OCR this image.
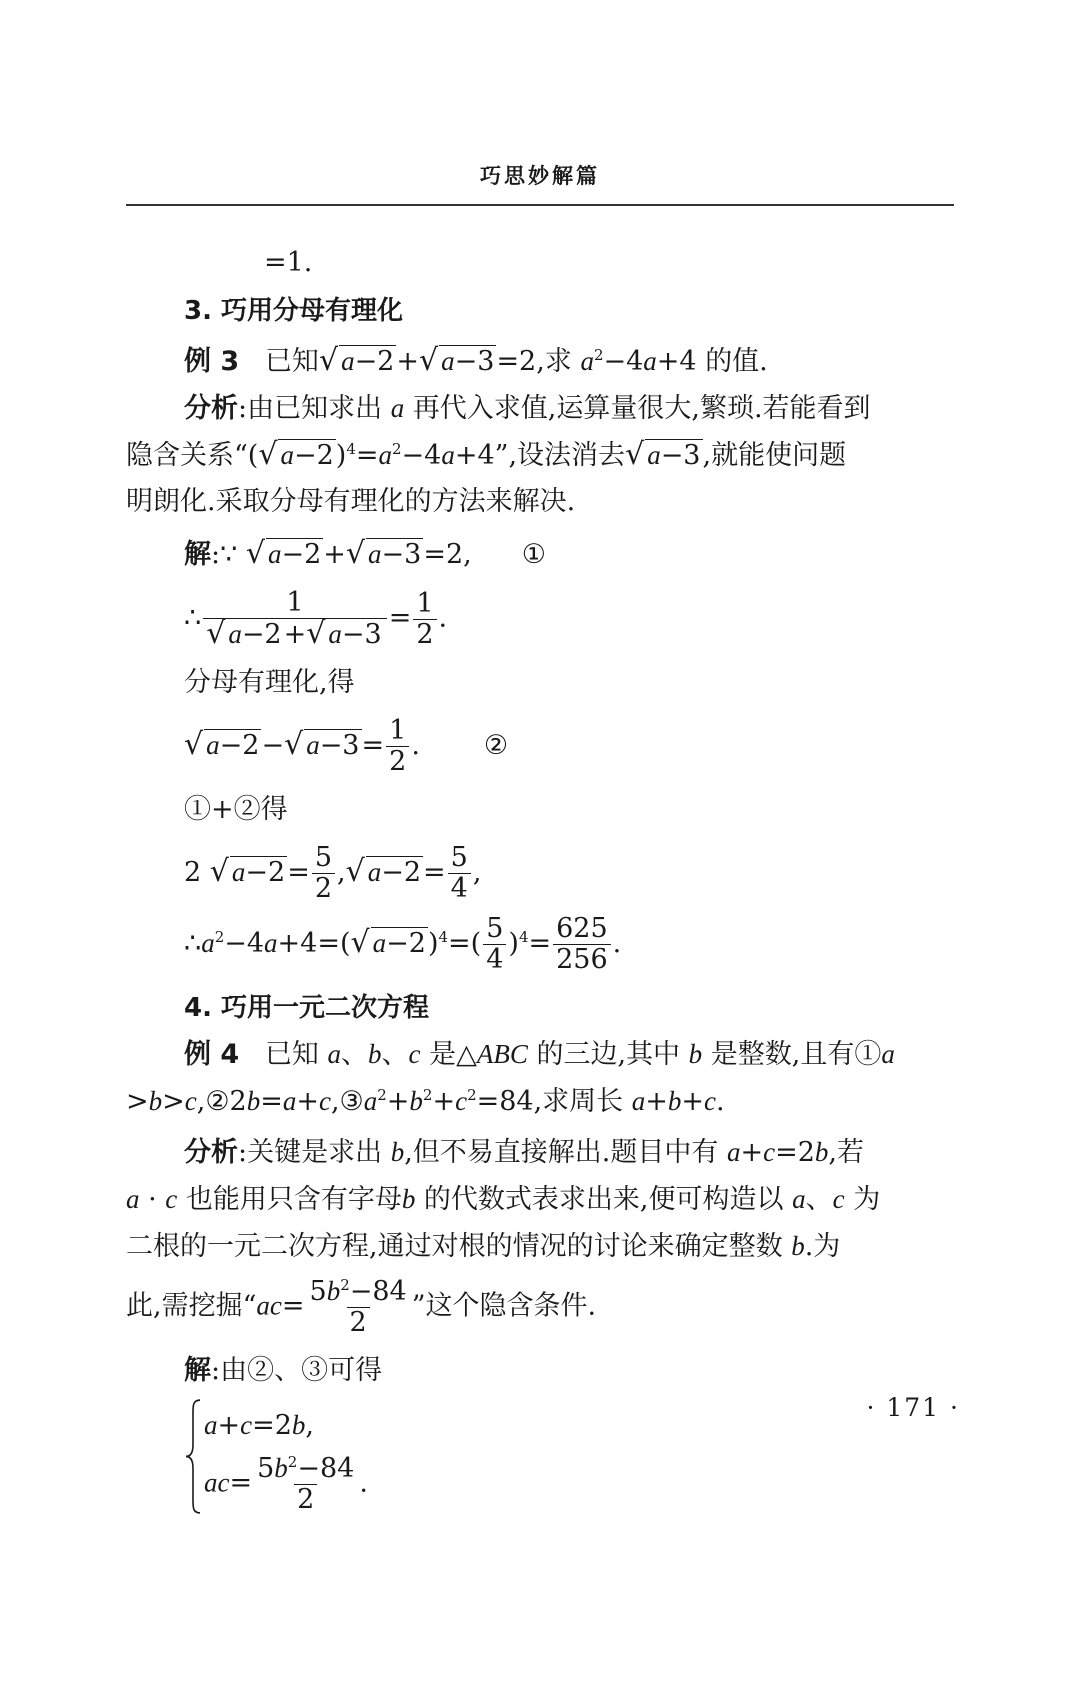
巧思妙解篇
=1.
3. 巧用分母有理化
例 3 已知√ a−2+√ a−3=2,求 $a^2-4a+4$ 的值.
分析:由已知求出 a 再代入求值,运算量很大,繁琐.若能看到
隐含关系“(√ $a-2)^4=a^2-4a+4$”,设法消去√ a−3,就能使问题
明朗化.采取分母有理化的方法来解决.
解:∵ √ a−2+√ a−3=2, ①
∴ $\frac{1}{√ a-2+√ a-3} = \frac{1}{2}$ .
分母有理化,得
√ a−2−√ $a-3= \frac{1}{2}$ . ②
①+②得
2 √ $a-2= \frac{5}{2}$ ,√ $a-2= \frac{5}{4}$ ,
$\therefore a^2-4a+4=(√$ $a-2)^4=( \frac{5}{4} )^4= \frac{625}{256}$ .
4. 巧用一元二次方程
例 4 已知 a、b、c 是△ABC 的三边,其中 b 是整数,且有①a
$>b>c,②2b=a+c,③a^2+b^2+c^2=84$,求周长 a+b+c.
分析:关键是求出 b,但不易直接解出.题目中有 a+c=2b,若
a · c 也能用只含有字母b 的代数式表求出来,便可构造以 a、c 为
二根的一元二次方程,通过对根的情况的讨论来确定整数 b.为
此,需挖掘“$ac= \frac{5b^2-84}{2}$ ”这个隐含条件.
解:由②、③可得
a+c=2b,
$ac= \frac{5b^2-84}{2}$ .
· 171 ·
